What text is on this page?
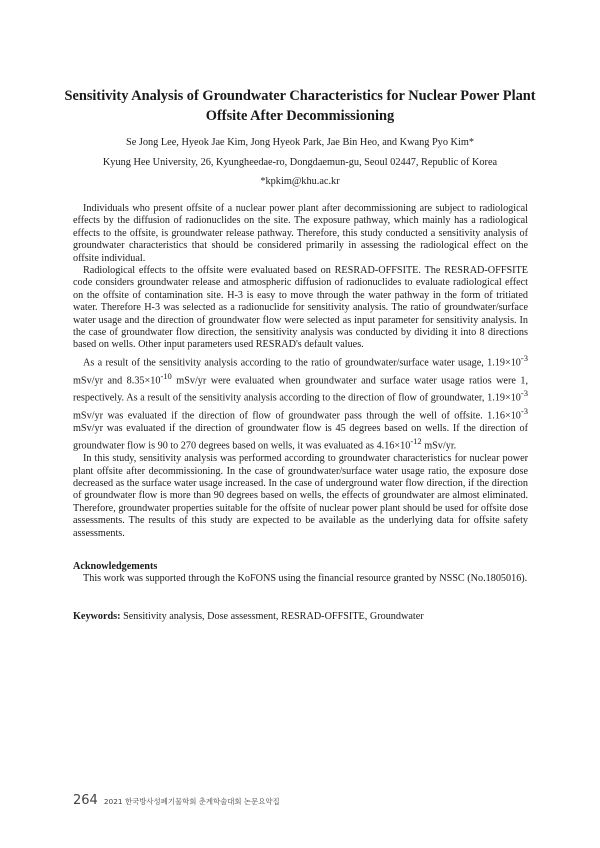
Sensitivity Analysis of Groundwater Characteristics for Nuclear Power Plant
Offsite After Decommissioning
Se Jong Lee, Hyeok Jae Kim, Jong Hyeok Park, Jae Bin Heo, and Kwang Pyo Kim*
Kyung Hee University, 26, Kyungheedae-ro, Dongdaemun-gu, Seoul 02447, Republic of Korea
*kpkim@khu.ac.kr

Individuals who present offsite of a nuclear power plant after decommissioning are subject to radiological effects by the diffusion of radionuclides on the site. The exposure pathway, which mainly has a radiological effects to the offsite, is groundwater release pathway. Therefore, this study conducted a sensitivity analysis of groundwater characteristics that should be considered primarily in assessing the radiological effect on the offsite individual.

Radiological effects to the offsite were evaluated based on RESRAD-OFFSITE. The RESRAD-OFFSITE code considers groundwater release and atmospheric diffusion of radionuclides to evaluate radiological effect on the offsite of contamination site. H-3 is easy to move through the water pathway in the form of tritiated water. Therefore H-3 was selected as a radionuclide for sensitivity analysis. The ratio of groundwater/surface water usage and the direction of groundwater flow were selected as input parameter for sensitivity analysis. In the case of groundwater flow direction, the sensitivity analysis was conducted by dividing it into 8 directions based on wells. Other input parameters used RESRAD's default values.

As a result of the sensitivity analysis according to the ratio of groundwater/surface water usage, $1.19\times 10^{-3}$ mSv/yr and $8.35\times 10^{-10}$ mSv/yr were evaluated when groundwater and surface water usage ratios were 1, respectively. As a result of the sensitivity analysis according to the direction of flow of groundwater, $1.19\times 10^{-3}$ mSv/yr was evaluated if the direction of flow of groundwater pass through the well of offsite. $1.16\times 10^{-3}$ mSv/yr was evaluated if the direction of groundwater flow is 45 degrees based on wells. If the direction of groundwater flow is 90 to 270 degrees based on wells, it was evaluated as $4.16\times 10^{-12}$ mSv/yr.

In this study, sensitivity analysis was performed according to groundwater characteristics for nuclear power plant offsite after decommissioning. In the case of groundwater/surface water usage ratio, the exposure dose decreased as the surface water usage increased. In the case of underground water flow direction, if the direction of groundwater flow is more than 90 degrees based on wells, the effects of groundwater are almost eliminated. Therefore, groundwater properties suitable for the offsite of nuclear power plant should be used for offsite dose assessments. The results of this study are expected to be available as the underlying data for offsite safety assessments.

Acknowledgements

This work was supported through the KoFONS using the financial resource granted by NSSC (No.1805016).

Keywords: Sensitivity analysis, Dose assessment, RESRAD-OFFSITE, Groundwater

264 2021 한국방사성폐기물학회 춘계학술대회 논문요약집
